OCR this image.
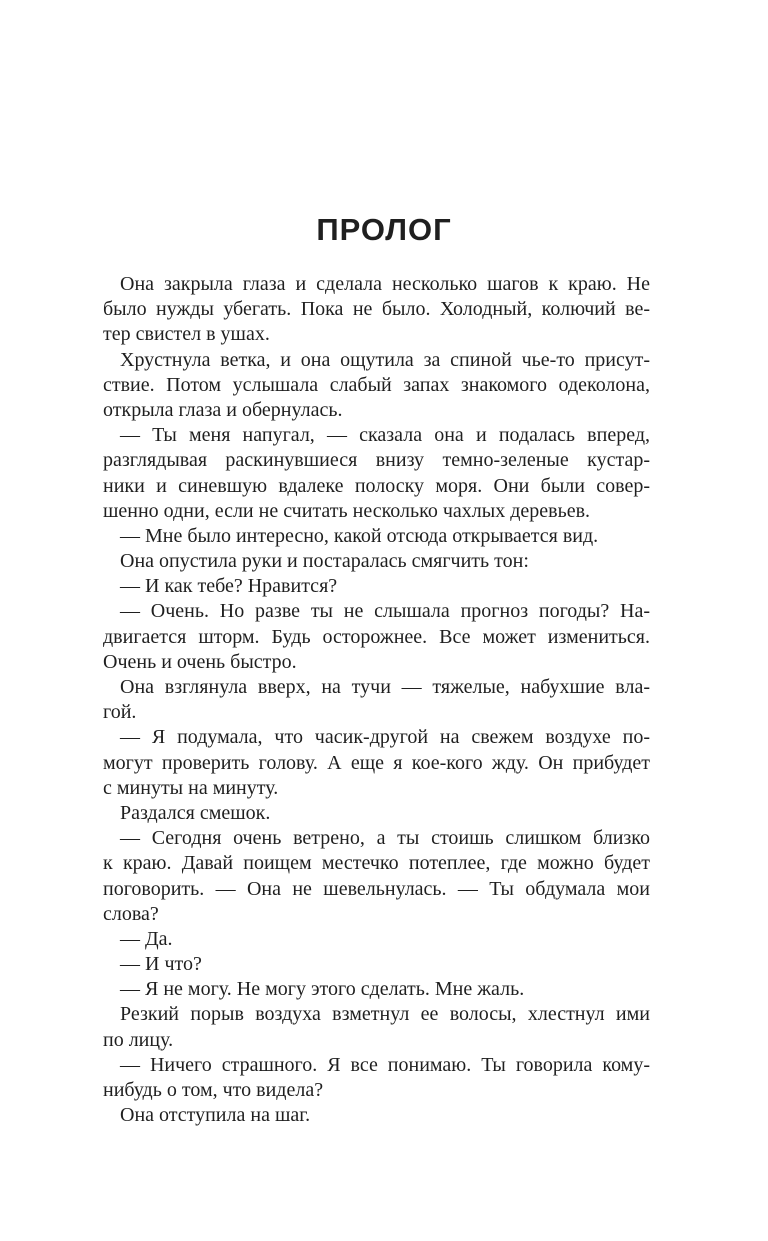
ПРОЛОГ
Она закрыла глаза и сделала несколько шагов к краю. Не
было нужды убегать. Пока не было. Холодный, колючий ве-
тер свистел в ушах.
Хрустнула ветка, и она ощутила за спиной чье-то присут-
ствие. Потом услышала слабый запах знакомого одеколона,
открыла глаза и обернулась.
— Ты меня напугал, — сказала она и подалась вперед,
разглядывая раскинувшиеся внизу темно-зеленые кустар-
ники и синевшую вдалеке полоску моря. Они были совер-
шенно одни, если не считать несколько чахлых деревьев.
— Мне было интересно, какой отсюда открывается вид.
Она опустила руки и постаралась смягчить тон:
— И как тебе? Нравится?
— Очень. Но разве ты не слышала прогноз погоды? На-
двигается шторм. Будь осторожнее. Все может измениться.
Очень и очень быстро.
Она взглянула вверх, на тучи — тяжелые, набухшие вла-
гой.
— Я подумала, что часик-другой на свежем воздухе по-
могут проверить голову. А еще я кое-кого жду. Он прибудет
с минуты на минуту.
Раздался смешок.
— Сегодня очень ветрено, а ты стоишь слишком близко
к краю. Давай поищем местечко потеплее, где можно будет
поговорить. — Она не шевельнулась. — Ты обдумала мои
слова?
— Да.
— И что?
— Я не могу. Не могу этого сделать. Мне жаль.
Резкий порыв воздуха взметнул ее волосы, хлестнул ими
по лицу.
— Ничего страшного. Я все понимаю. Ты говорила кому-
нибудь о том, что видела?
Она отступила на шаг.
